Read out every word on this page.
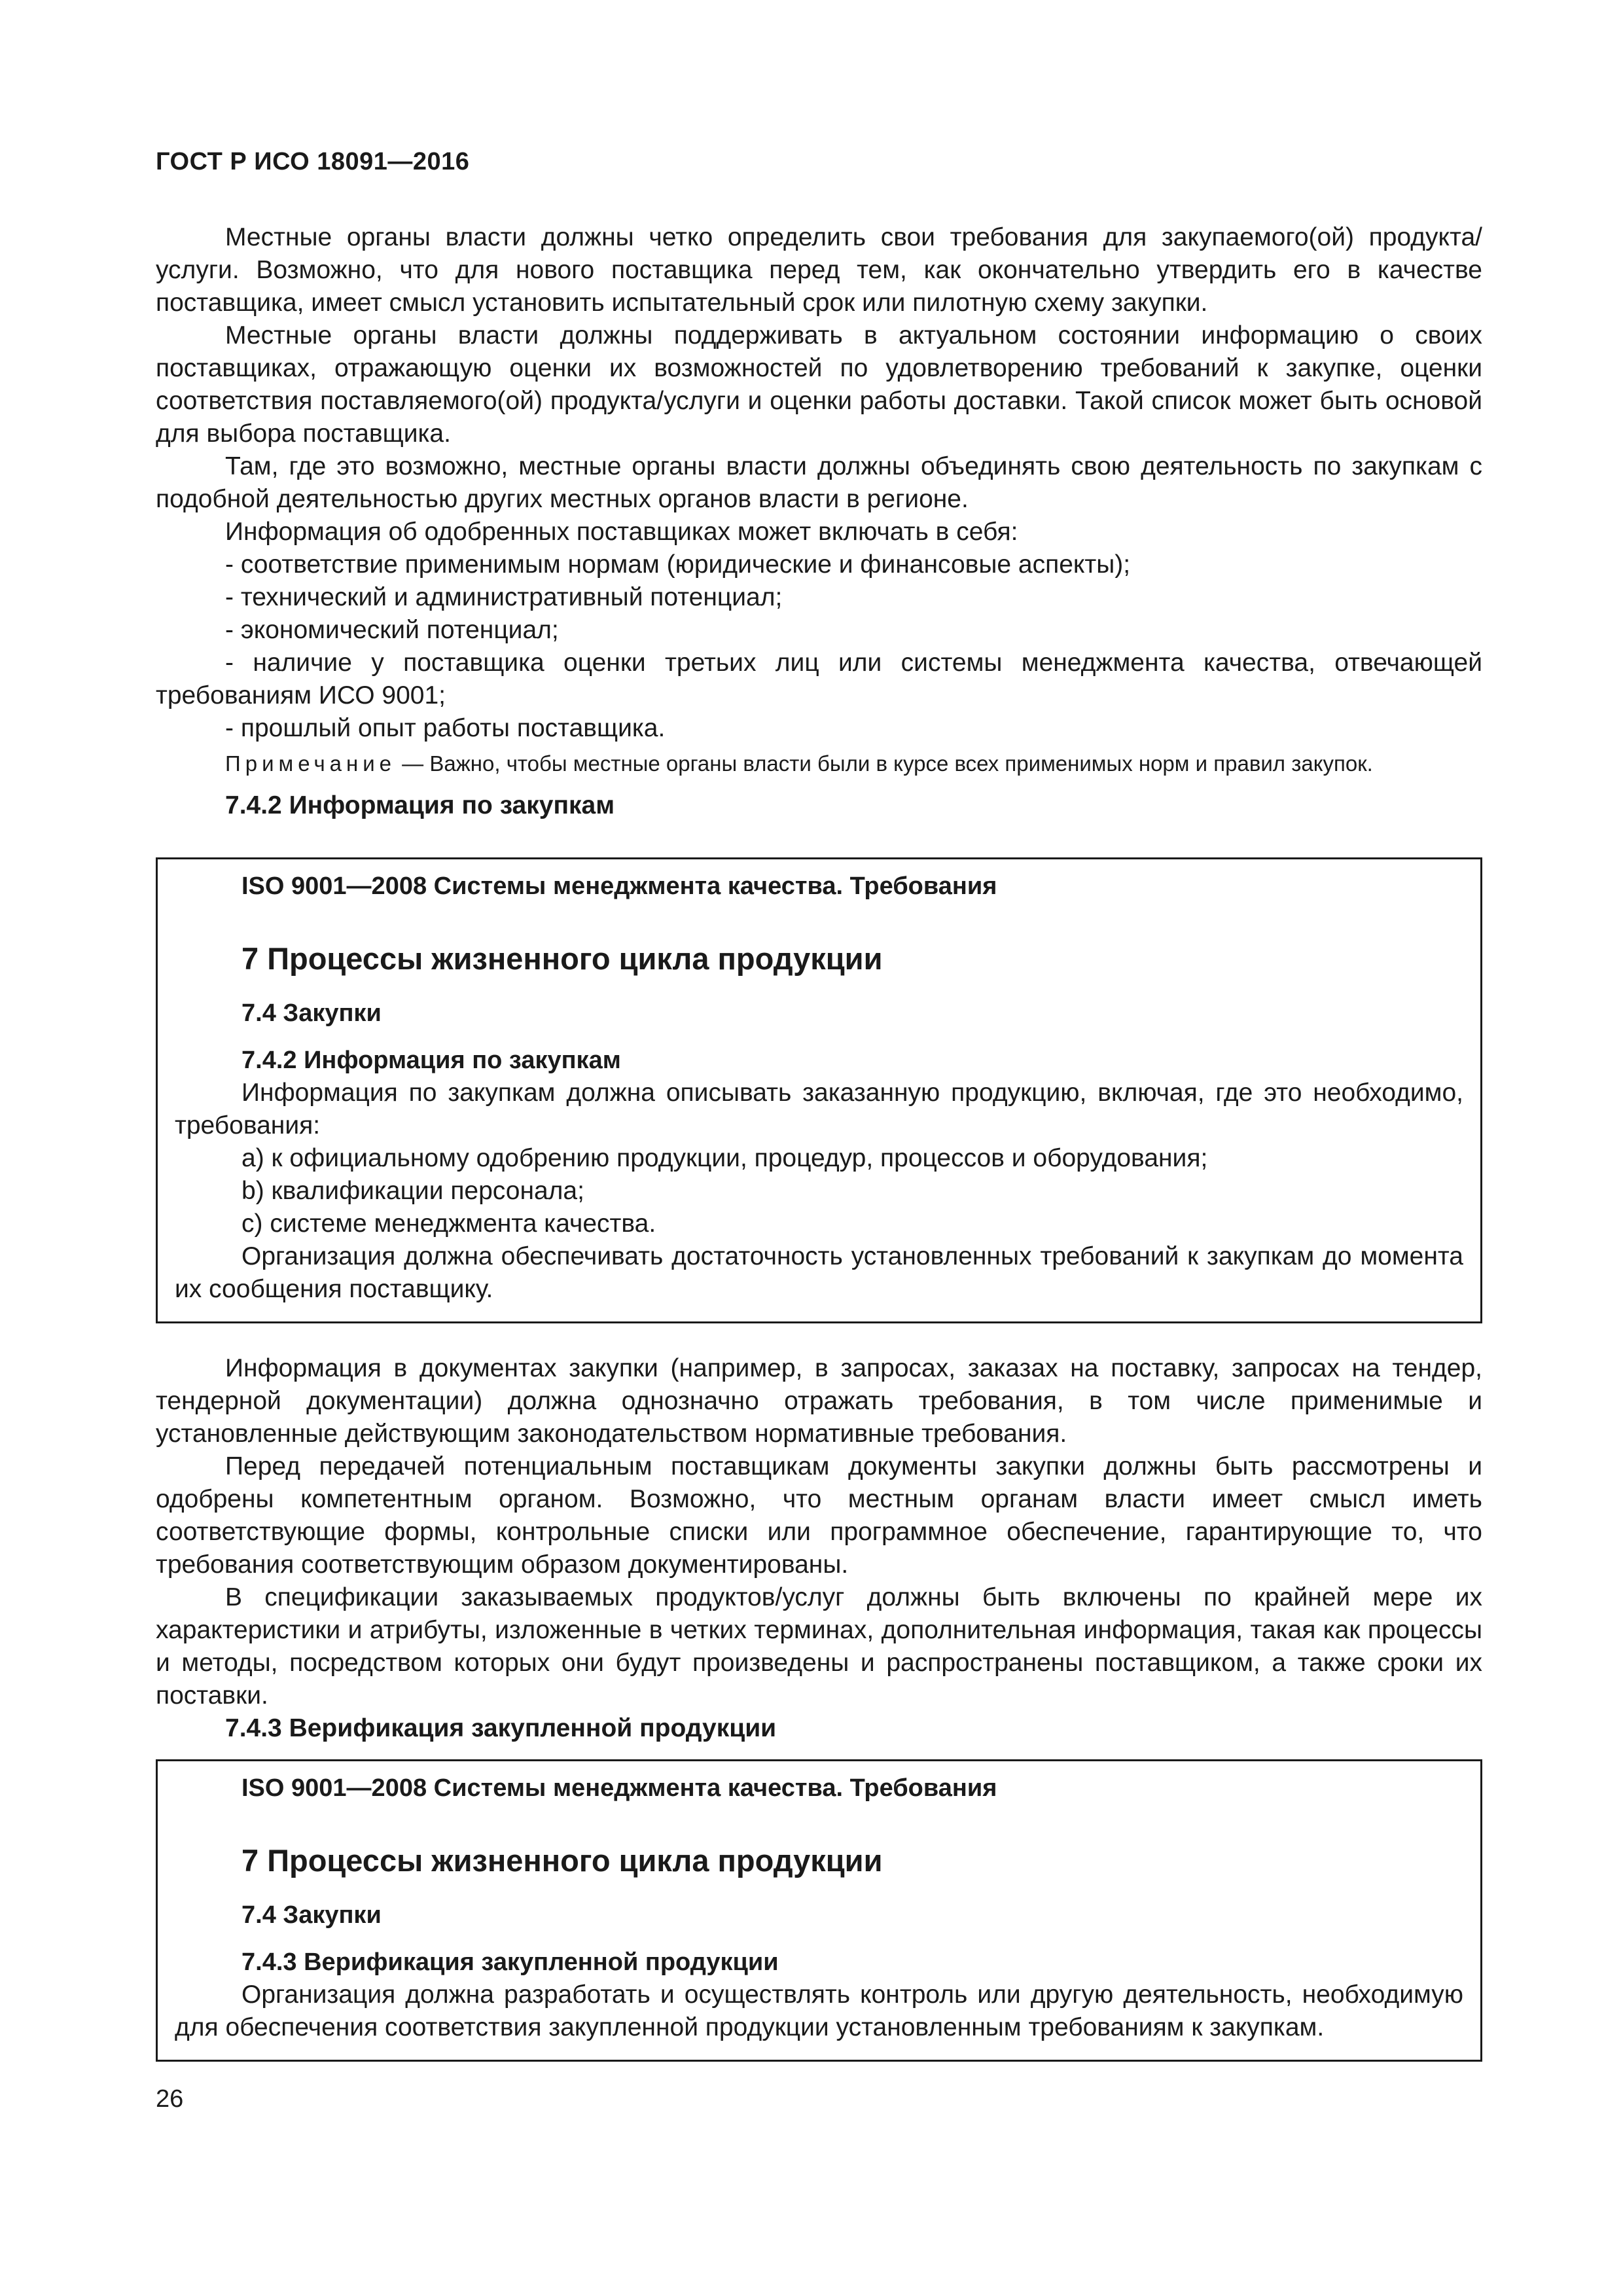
ГОСТ Р ИСО 18091—2016

Местные органы власти должны четко определить свои требования для закупаемого(ой) продукта/услуги. Возможно, что для нового поставщика перед тем, как окончательно утвердить его в качестве поставщика, имеет смысл установить испытательный срок или пилотную схему закупки.

Местные органы власти должны поддерживать в актуальном состоянии информацию о своих поставщиках, отражающую оценки их возможностей по удовлетворению требований к закупке, оценки соответствия поставляемого(ой) продукта/услуги и оценки работы доставки. Такой список может быть основой для выбора поставщика.

Там, где это возможно, местные органы власти должны объединять свою деятельность по закупкам с подобной деятельностью других местных органов власти в регионе.

Информация об одобренных поставщиках может включать в себя:

- соответствие применимым нормам (юридические и финансовые аспекты);

- технический и административный потенциал;

- экономический потенциал;

- наличие у поставщика оценки третьих лиц или системы менеджмента качества, отвечающей требованиям ИСО 9001;

- прошлый опыт работы поставщика.

Примечание — Важно, чтобы местные органы власти были в курсе всех применимых норм и правил закупок.

7.4.2 Информация по закупкам

ISO 9001—2008 Системы менеджмента качества. Требования
7 Процессы жизненного цикла продукции
7.4 Закупки
7.4.2 Информация по закупкам

Информация по закупкам должна описывать заказанную продукцию, включая, где это необходимо, требования:

a) к официальному одобрению продукции, процедур, процессов и оборудования;

b) квалификации персонала;

c) системе менеджмента качества.

Организация должна обеспечивать достаточность установленных требований к закупкам до момента их сообщения поставщику.

Информация в документах закупки (например, в запросах, заказах на поставку, запросах на тендер, тендерной документации) должна однозначно отражать требования, в том числе применимые и установленные действующим законодательством нормативные требования.

Перед передачей потенциальным поставщикам документы закупки должны быть рассмотрены и одобрены компетентным органом. Возможно, что местным органам власти имеет смысл иметь соответствующие формы, контрольные списки или программное обеспечение, гарантирующие то, что требования соответствующим образом документированы.

В спецификации заказываемых продуктов/услуг должны быть включены по крайней мере их характеристики и атрибуты, изложенные в четких терминах, дополнительная информация, такая как процессы и методы, посредством которых они будут произведены и распространены поставщиком, а также сроки их поставки.

7.4.3 Верификация закупленной продукции

ISO 9001—2008 Системы менеджмента качества. Требования
7 Процессы жизненного цикла продукции
7.4 Закупки
7.4.3 Верификация закупленной продукции

Организация должна разработать и осуществлять контроль или другую деятельность, необходимую для обеспечения соответствия закупленной продукции установленным требованиям к закупкам.

26
